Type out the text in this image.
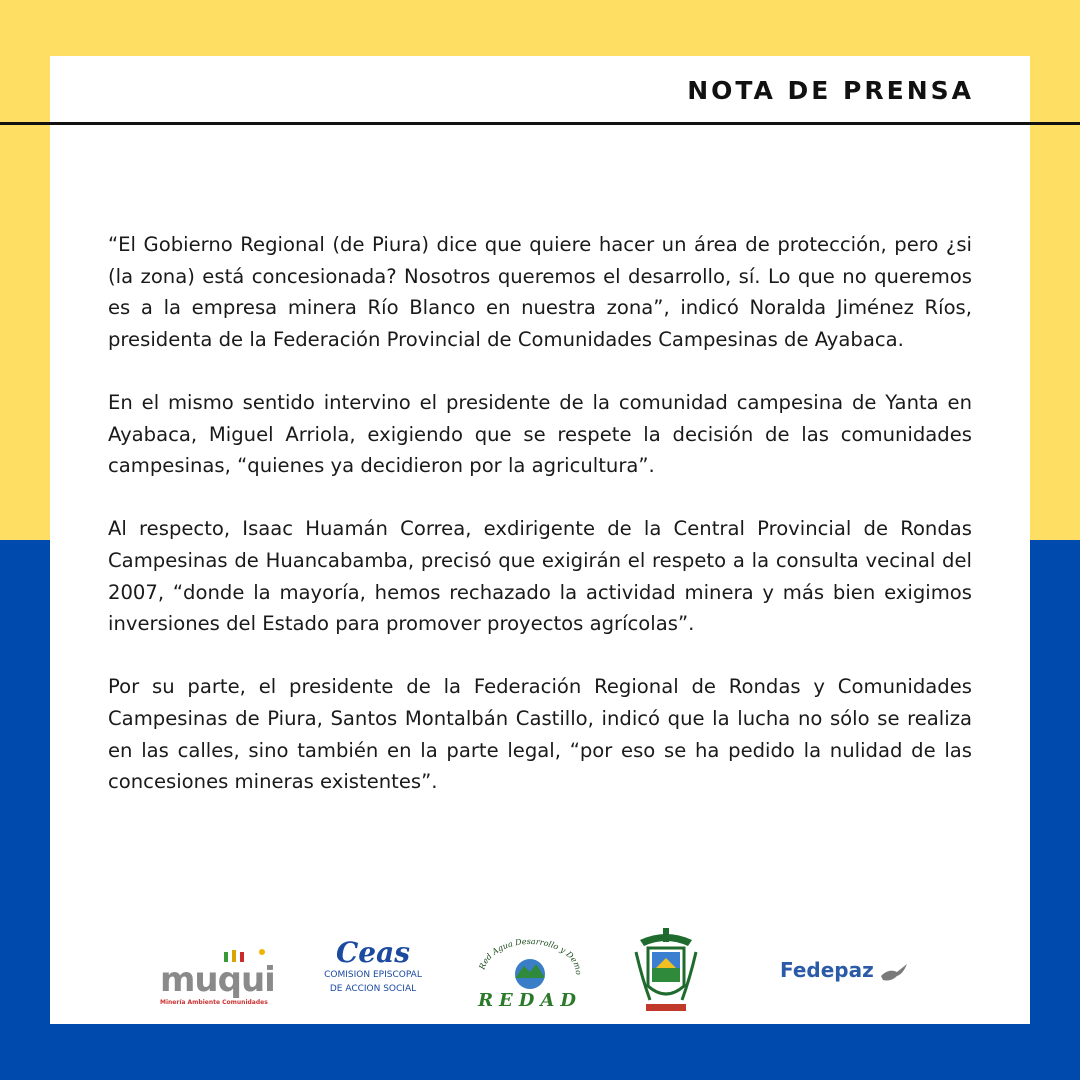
NOTA DE PRENSA

“El Gobierno Regional (de Piura) dice que quiere hacer un área de protección, pero ¿si (la zona) está concesionada? Nosotros queremos el desarrollo, sí. Lo que no queremos es a la empresa minera Río Blanco en nuestra zona”, indicó Noralda Jiménez Ríos, presidenta de la Federación Provincial de Comunidades Campesinas de Ayabaca.

En el mismo sentido intervino el presidente de la comunidad campesina de Yanta en Ayabaca, Miguel Arriola, exigiendo que se respete la decisión de las comunidades campesinas, “quienes ya decidieron por la agricultura”.

Al respecto, Isaac Huamán Correa, exdirigente de la Central Provincial de Rondas Campesinas de Huancabamba, precisó que exigirán el respeto a la consulta vecinal del 2007, “donde la mayoría, hemos rechazado la actividad minera y más bien exigimos inversiones del Estado para promover proyectos agrícolas”.

Por su parte, el presidente de la Federación Regional de Rondas y Comunidades Campesinas de Piura, Santos Montalbán Castillo, indicó que la lucha no sólo se realiza en las calles, sino también en la parte legal, “por eso se ha pedido la nulidad de las concesiones mineras existentes”.

muqui
Minería Ambiente Comunidades
Ceas
COMISION EPISCOPAL
DE ACCION SOCIAL
Red Agua Desarrollo y Demo
REDAD
Fedepaz
